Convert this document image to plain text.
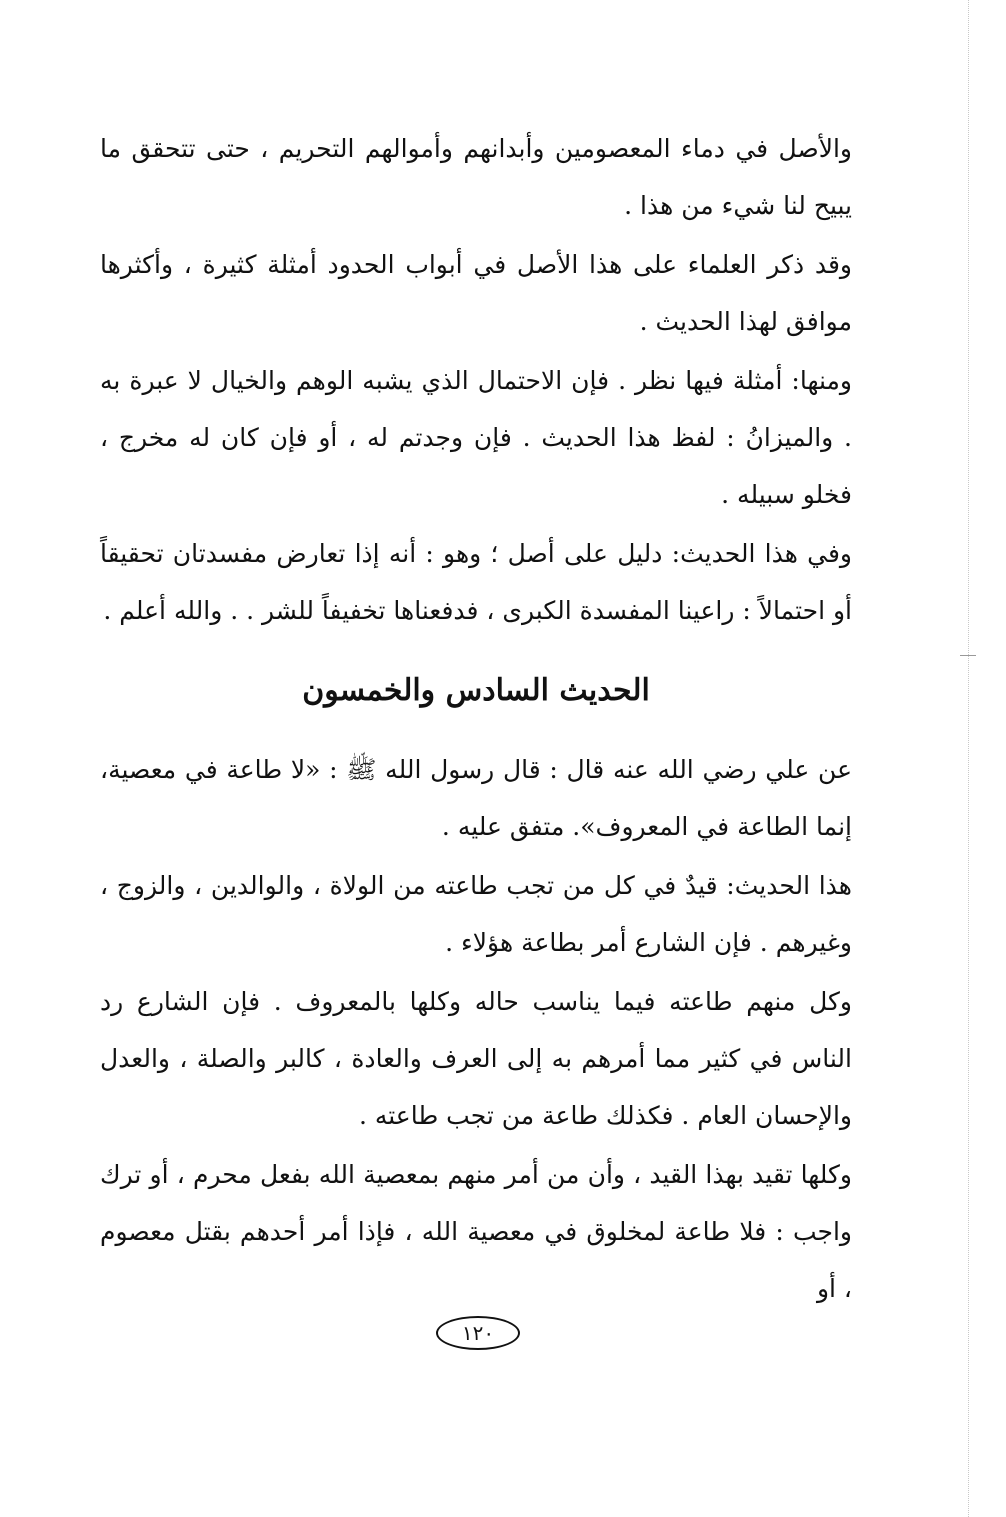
والأصل في دماء المعصومين وأبدانهم وأموالهم التحريم ، حتى تتحقق ما يبيح لنا شيء من هذا .

وقد ذكر العلماء على هذا الأصل في أبواب الحدود أمثلة كثيرة ، وأكثرها موافق لهذا الحديث .

ومنها: أمثلة فيها نظر . فإن الاحتمال الذي يشبه الوهم والخيال لا عبرة به . والميزانُ : لفظ هذا الحديث . فإن وجدتم له ، أو فإن كان له مخرج ، فخلو سبيله .

وفي هذا الحديث: دليل على أصل ؛ وهو : أنه إذا تعارض مفسدتان تحقيقاً أو احتمالاً : راعينا المفسدة الكبرى ، فدفعناها تخفيفاً للشر . . والله أعلم .

الحديث السادس والخمسون

عن علي رضي الله عنه قال : قال رسول الله ﷺ : «لا طاعة في معصية، إنما الطاعة في المعروف». متفق عليه .

هذا الحديث: قيدٌ في كل من تجب طاعته من الولاة ، والوالدين ، والزوج ، وغيرهم . فإن الشارع أمر بطاعة هؤلاء .

وكل منهم طاعته فيما يناسب حاله وكلها بالمعروف . فإن الشارع رد الناس في كثير مما أمرهم به إلى العرف والعادة ، كالبر والصلة ، والعدل والإحسان العام . فكذلك طاعة من تجب طاعته .

وكلها تقيد بهذا القيد ، وأن من أمر منهم بمعصية الله بفعل محرم ، أو ترك واجب : فلا طاعة لمخلوق في معصية الله ، فإذا أمر أحدهم بقتل معصوم ، أو

١٢٠
